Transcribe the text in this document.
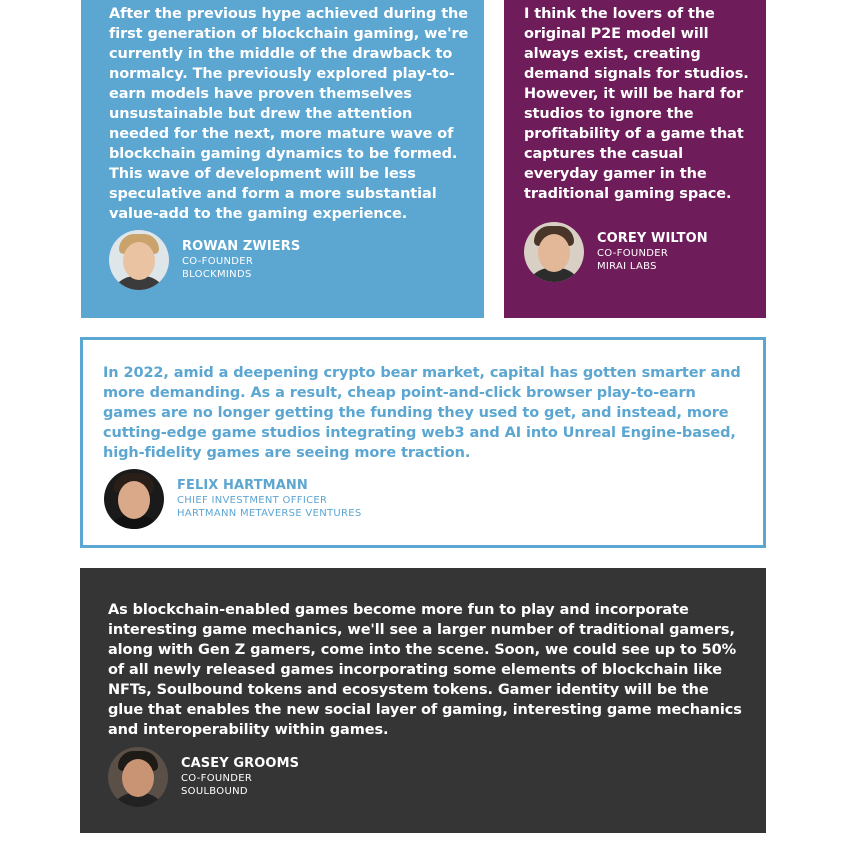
After the previous hype achieved during the first generation of blockchain gaming, we're currently in the middle of the drawback to normalcy. The previously explored play-to-earn models have proven themselves unsustainable but drew the attention needed for the next, more mature wave of blockchain gaming dynamics to be formed. This wave of development will be less speculative and form a more substantial value-add to the gaming experience.

ROWAN ZWIERS
CO-FOUNDER
BLOCKMINDS

I think the lovers of the original P2E model will always exist, creating demand signals for studios. However, it will be hard for studios to ignore the profitability of a game that captures the casual everyday gamer in the traditional gaming space.

COREY WILTON
CO-FOUNDER
MIRAI LABS

In 2022, amid a deepening crypto bear market, capital has gotten smarter and more demanding. As a result, cheap point-and-click browser play-to-earn games are no longer getting the funding they used to get, and instead, more cutting-edge game studios integrating web3 and AI into Unreal Engine-based, high-fidelity games are seeing more traction.

FELIX HARTMANN
CHIEF INVESTMENT OFFICER
HARTMANN METAVERSE VENTURES

As blockchain-enabled games become more fun to play and incorporate interesting game mechanics, we'll see a larger number of traditional gamers, along with Gen Z gamers, come into the scene. Soon, we could see up to 50% of all newly released games incorporating some elements of blockchain like NFTs, Soulbound tokens and ecosystem tokens. Gamer identity will be the glue that enables the new social layer of gaming, interesting game mechanics and interoperability within games.

CASEY GROOMS
CO-FOUNDER
SOULBOUND
